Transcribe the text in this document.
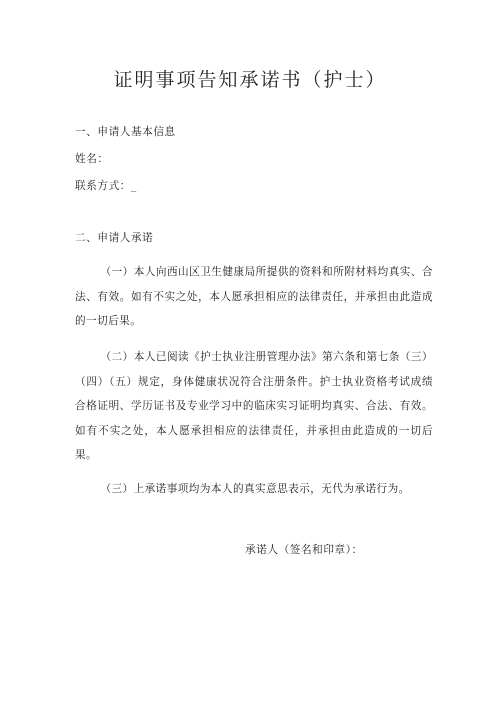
证明事项告知承诺书（护士）
一、申请人基本信息
姓名：
联系方式：_
二、申请人承诺

（一）本人向西山区卫生健康局所提供的资料和所附材料均真实、合法、有效。如有不实之处，本人愿承担相应的法律责任，并承担由此造成的一切后果。

（二）本人已阅读《护士执业注册管理办法》第六条和第七条（三）（四）（五）规定，身体健康状况符合注册条件。护士执业资格考试成绩合格证明、学历证书及专业学习中的临床实习证明均真实、合法、有效。如有不实之处，本人愿承担相应的法律责任，并承担由此造成的一切后果。

（三）上承诺事项均为本人的真实意思表示，无代为承诺行为。

承诺人（签名和印章）：
